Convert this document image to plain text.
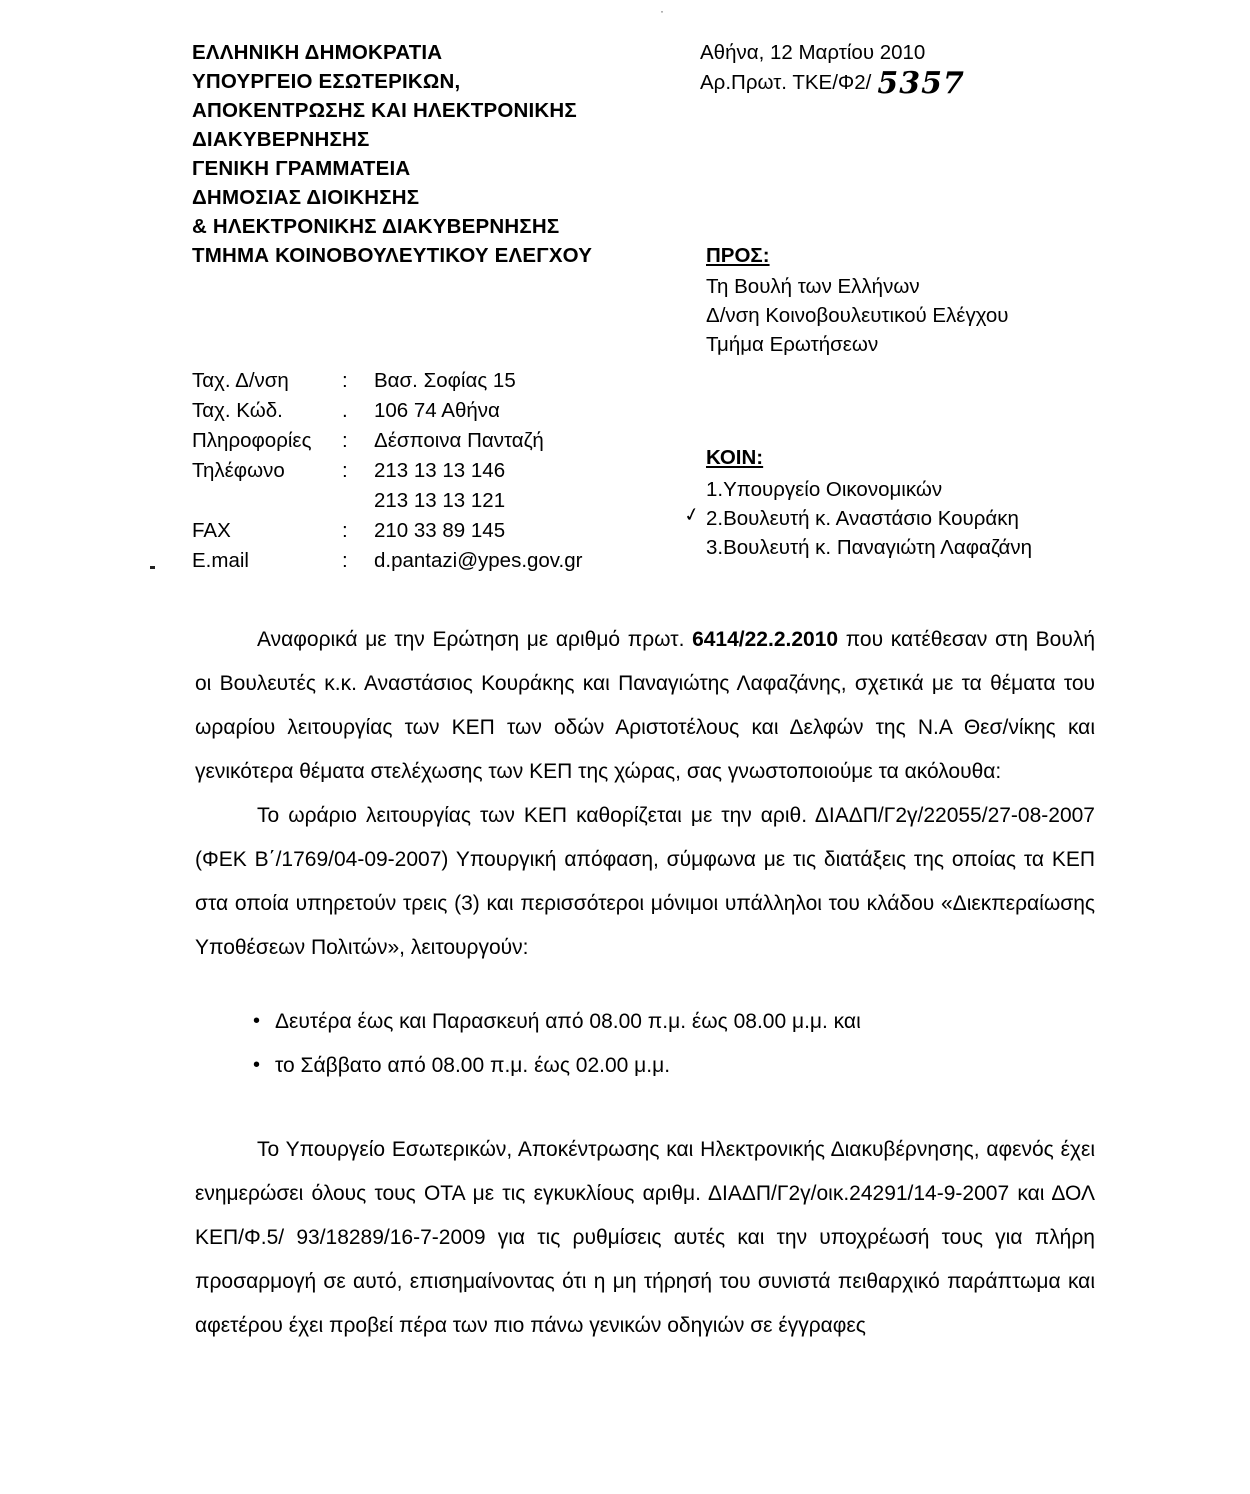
·
ΕΛΛΗΝΙΚΗ ΔΗΜΟΚΡΑΤΙΑ
ΥΠΟΥΡΓΕΙΟ ΕΣΩΤΕΡΙΚΩΝ,
ΑΠΟΚΕΝΤΡΩΣΗΣ ΚΑΙ ΗΛΕΚΤΡΟΝΙΚΗΣ
ΔΙΑΚΥΒΕΡΝΗΣΗΣ
ΓΕΝΙΚΗ ΓΡΑΜΜΑΤΕΙΑ
ΔΗΜΟΣΙΑΣ ΔΙΟΙΚΗΣΗΣ
& ΗΛΕΚΤΡΟΝΙΚΗΣ ΔΙΑΚΥΒΕΡΝΗΣΗΣ
ΤΜΗΜΑ ΚΟΙΝΟΒΟΥΛΕΥΤΙΚΟΥ ΕΛΕΓΧΟΥ
Αθήνα, 12 Μαρτίου 2010
Αρ.Πρωτ. ΤΚΕ/Φ2/ 5357
ΠΡΟΣ:
Τη Βουλή των Ελλήνων
Δ/νση Κοινοβουλευτικού Ελέγχου
Τμήμα Ερωτήσεων
Ταχ. Δ/νση	:	Βασ. Σοφίας 15
Ταχ. Κώδ.	.	106 74 Αθήνα
Πληροφορίες	:	Δέσποινα Πανταζή
Τηλέφωνο	:	213 13 13 146
		213 13 13 121
FAX	:	210 33 89 145
E.mail	:	d.pantazi@ypes.gov.gr
ΚΟΙΝ:
1.Υπουργείο Οικονομικών
✓ 2.Βουλευτή κ. Αναστάσιο Κουράκη
3.Βουλευτή κ. Παναγιώτη Λαφαζάνη

Αναφορικά με την Ερώτηση με αριθμό πρωτ. 6414/22.2.2010 που κατέθεσαν στη Βουλή οι Βουλευτές κ.κ. Αναστάσιος Κουράκης και Παναγιώτης Λαφαζάνης, σχετικά με τα θέματα του ωραρίου λειτουργίας των ΚΕΠ των οδών Αριστοτέλους και Δελφών της Ν.Α Θεσ/νίκης και γενικότερα θέματα στελέχωσης των ΚΕΠ της χώρας, σας γνωστοποιούμε τα ακόλουθα:

Το ωράριο λειτουργίας των ΚΕΠ καθορίζεται με την αριθ. ΔΙΑΔΠ/Γ2γ/22055/27-08-2007 (ΦΕΚ Β΄/1769/04-09-2007) Υπουργική απόφαση, σύμφωνα με τις διατάξεις της οποίας τα ΚΕΠ στα οποία υπηρετούν τρεις (3) και περισσότεροι μόνιμοι υπάλληλοι του κλάδου «Διεκπεραίωσης Υποθέσεων Πολιτών», λειτουργούν:

• Δευτέρα έως και Παρασκευή από 08.00 π.μ. έως 08.00 μ.μ. και
• το Σάββατο από 08.00 π.μ. έως 02.00 μ.μ.

Το Υπουργείο Εσωτερικών, Αποκέντρωσης και Ηλεκτρονικής Διακυβέρνησης, αφενός έχει ενημερώσει όλους τους ΟΤΑ με τις εγκυκλίους αριθμ. ΔΙΑΔΠ/Γ2γ/οικ.24291/14-9-2007 και ΔΟΛ ΚΕΠ/Φ.5/ 93/18289/16-7-2009 για τις ρυθμίσεις αυτές και την υποχρέωσή τους για πλήρη προσαρμογή σε αυτό, επισημαίνοντας ότι η μη τήρησή του συνιστά πειθαρχικό παράπτωμα και αφετέρου έχει προβεί πέρα των πιο πάνω γενικών οδηγιών σε έγγραφες
